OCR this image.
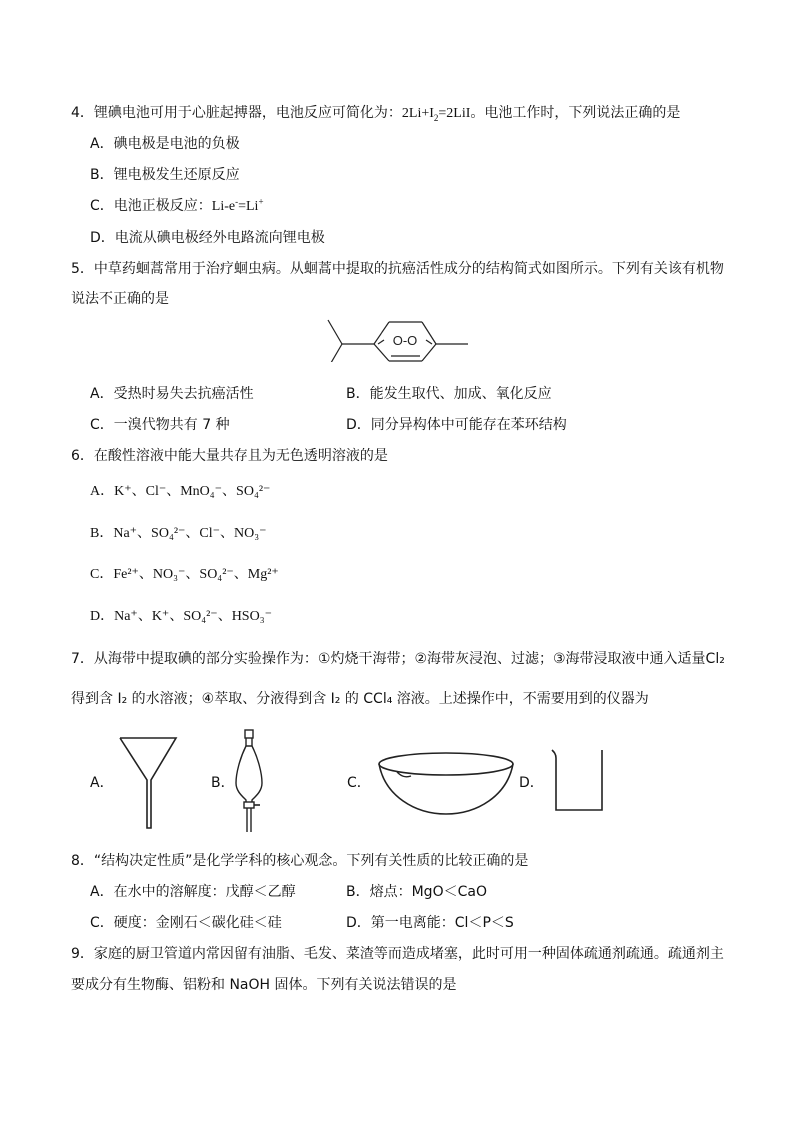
4．锂碘电池可用于心脏起搏器，电池反应可简化为：$2Li+I_2=2LiI$。电池工作时，下列说法正确的是
A．碘电极是电池的负极
B．锂电极发生还原反应
C．电池正极反应：Li-e-=Li+
D．电流从碘电极经外电路流向锂电极
5．中草药蛔蒿常用于治疗蛔虫病。从蛔蒿中提取的抗癌活性成分的结构简式如图所示。下列有关该有机物
说法不正确的是
O-O
A．受热时易失去抗癌活性	B．能发生取代、加成、氧化反应
C．一溴代物共有 7 种	D．同分异构体中可能存在苯环结构
6．在酸性溶液中能大量共存且为无色透明溶液的是
A．K⁺、Cl⁻、MnO₄⁻、SO₄²⁻
B．Na⁺、SO₄²⁻、Cl⁻、NO₃⁻
C．Fe²⁺、NO₃⁻、SO₄²⁻、Mg²⁺
D．Na⁺、K⁺、SO₄²⁻、HSO₃⁻
7．从海带中提取碘的部分实验操作为：①灼烧干海带；②海带灰浸泡、过滤；③海带浸取液中通入适量Cl₂
得到含 I₂ 的水溶液；④萃取、分液得到含 I₂ 的 CCl₄ 溶液。上述操作中，不需要用到的仪器为
A．	B．	C．	D．
8．“结构决定性质”是化学学科的核心观念。下列有关性质的比较正确的是
A．在水中的溶解度：戊醇＜乙醇	B．熔点：MgO＜CaO
C．硬度：金刚石＜碳化硅＜硅	D．第一电离能：Cl＜P＜S
9．家庭的厨卫管道内常因留有油脂、毛发、菜渣等而造成堵塞，此时可用一种固体疏通剂疏通。疏通剂主
要成分有生物酶、铝粉和 NaOH 固体。下列有关说法错误的是
